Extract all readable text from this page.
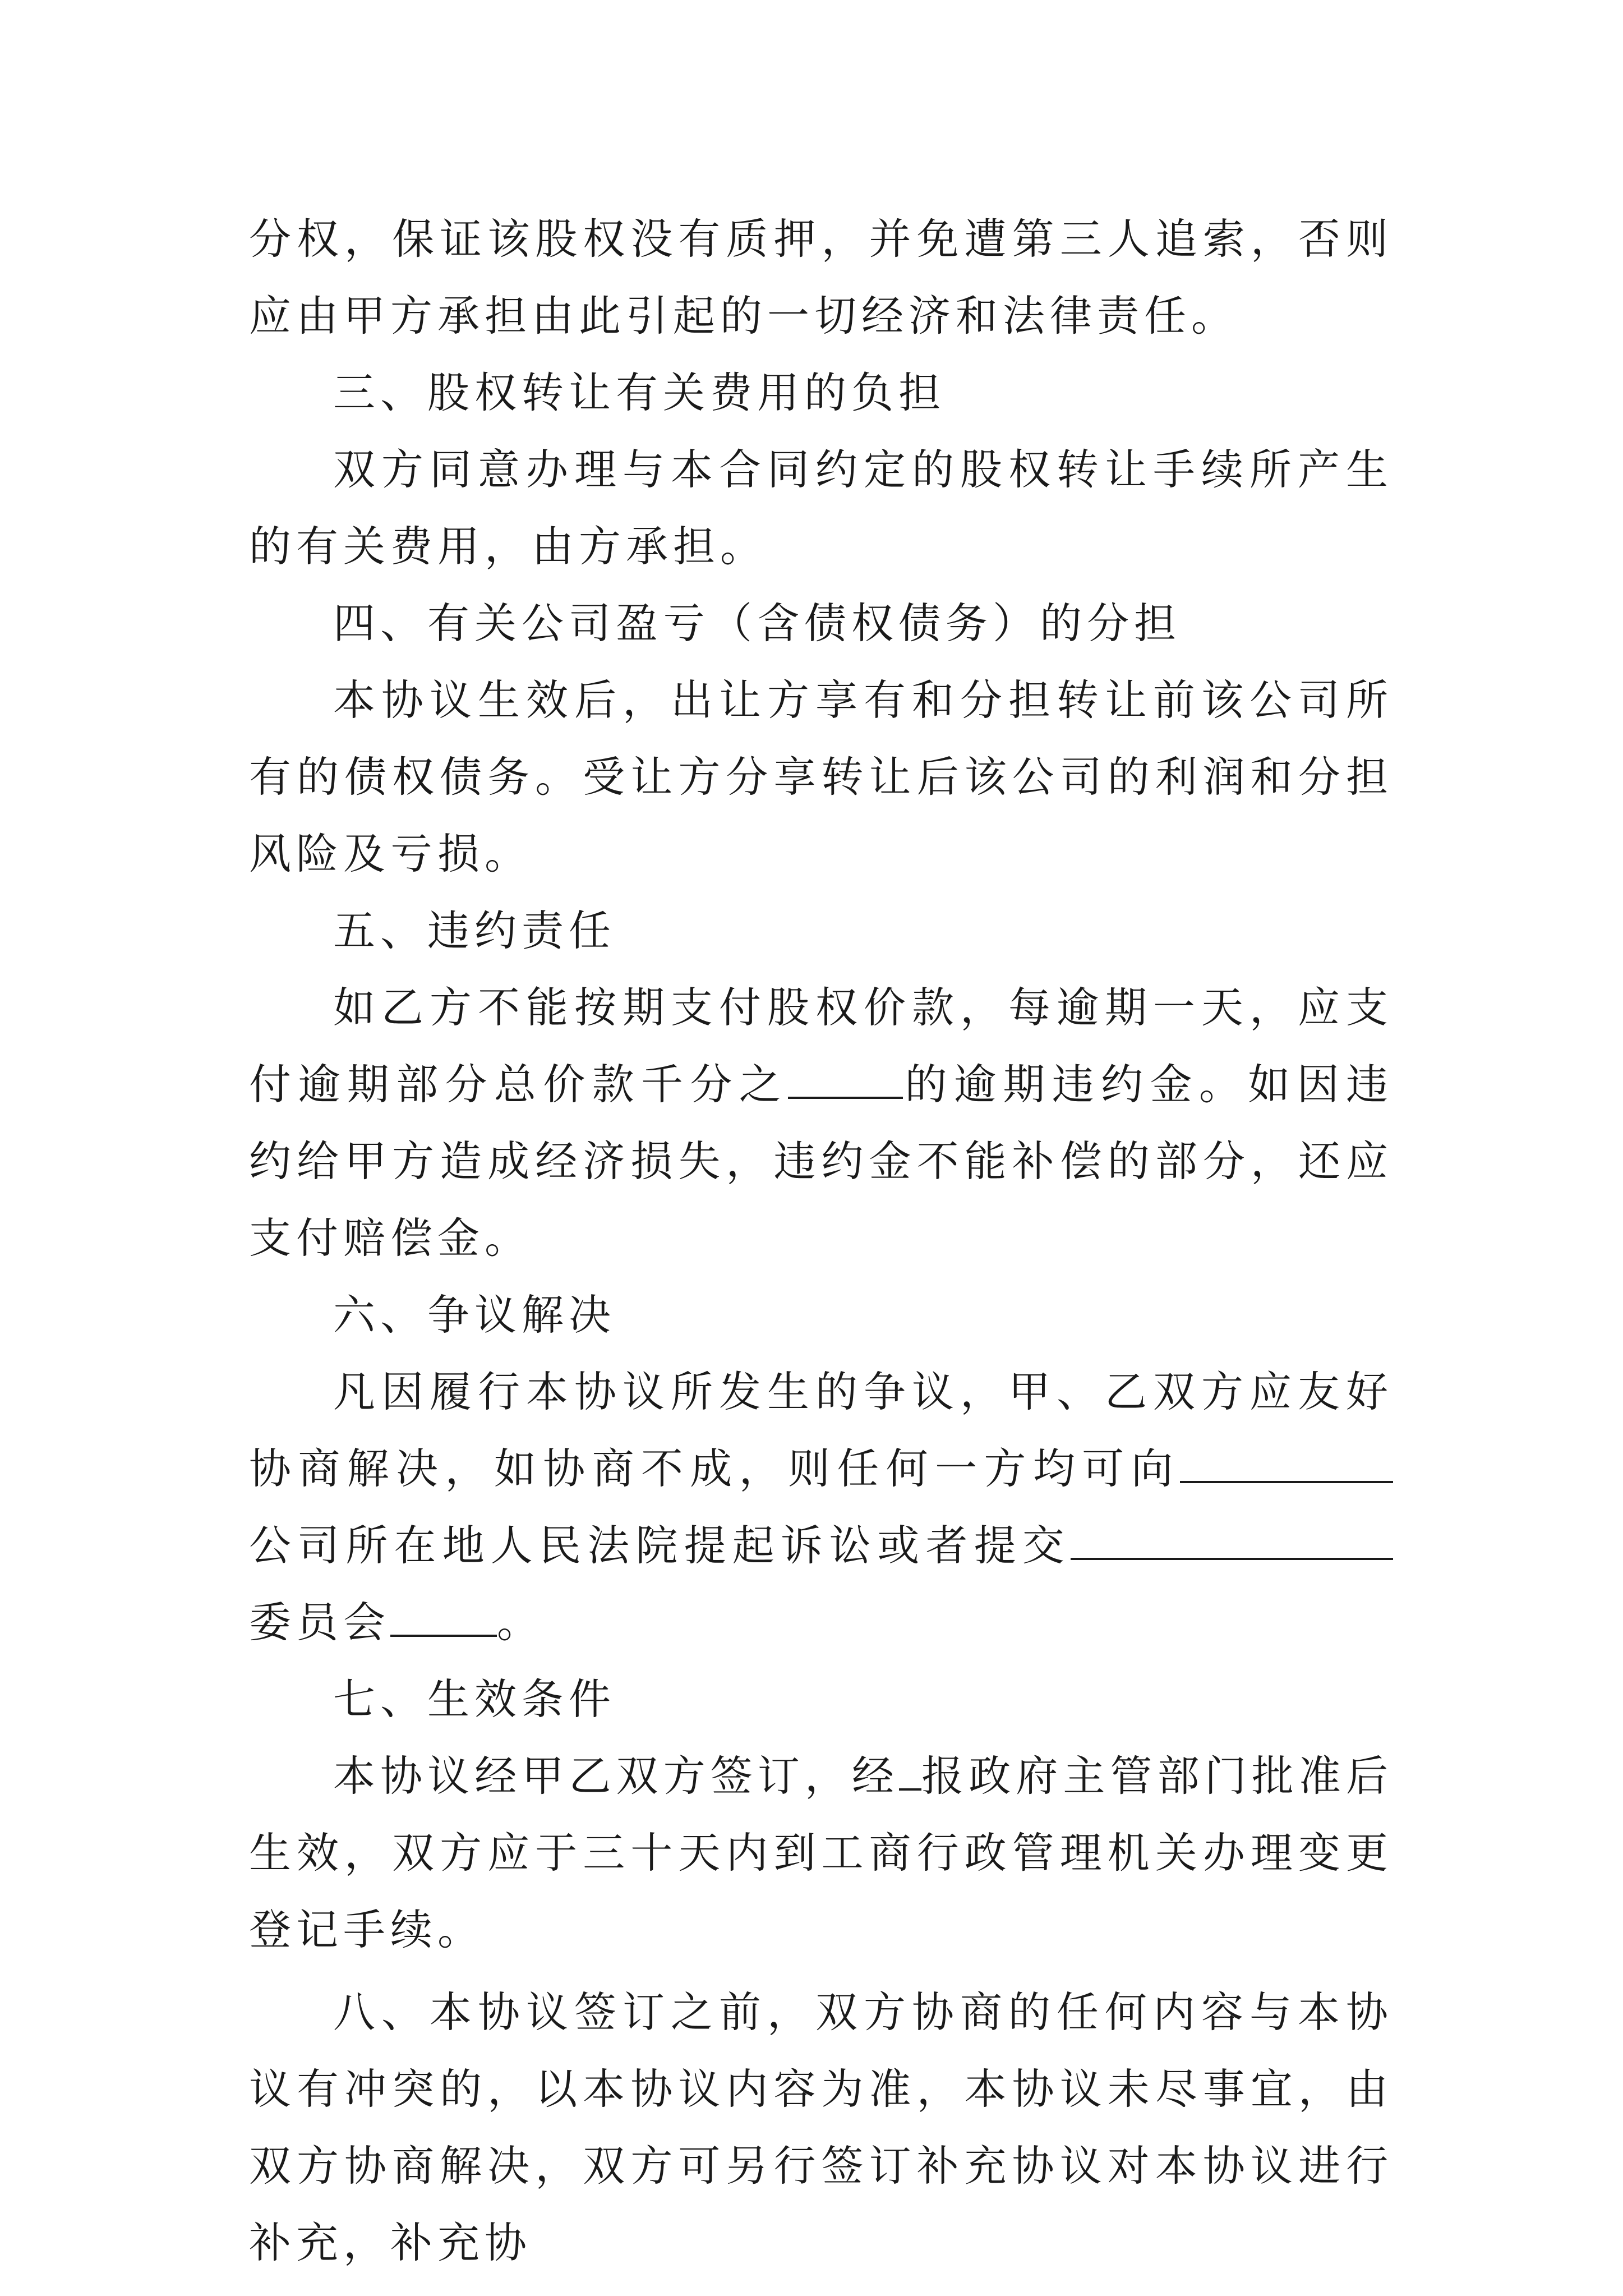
分权，保证该股权没有质押，并免遭第三人追索，否则应由甲方承担由此引起的一切经济和法律责任。

三、股权转让有关费用的负担

双方同意办理与本合同约定的股权转让手续所产生的有关费用，由方承担。

四、有关公司盈亏（含债权债务）的分担

本协议生效后，出让方享有和分担转让前该公司所有的债权债务。受让方分享转让后该公司的利润和分担风险及亏损。

五、违约责任

如乙方不能按期支付股权价款，每逾期一天，应支付逾期部分总价款千分之	的逾期违约金。如因违约给甲方造成经济损失，违约金不能补偿的部分，还应支付赔偿金。

六、争议解决

凡因履行本协议所发生的争议，甲、乙双方应友好协商解决，如协商不成，则任何一方均可向公司所在地人民法院提起诉讼或者提交委员会	。

七、生效条件

本协议经甲乙双方签订，经 报政府主管部门批准后生效，双方应于三十天内到工商行政管理机关办理变更登记手续。

八、本协议签订之前，双方协商的任何内容与本协议有冲突的，以本协议内容为准，本协议未尽事宜，由双方协商解决，双方可另行签订补充协议对本协议进行补充，补充协
